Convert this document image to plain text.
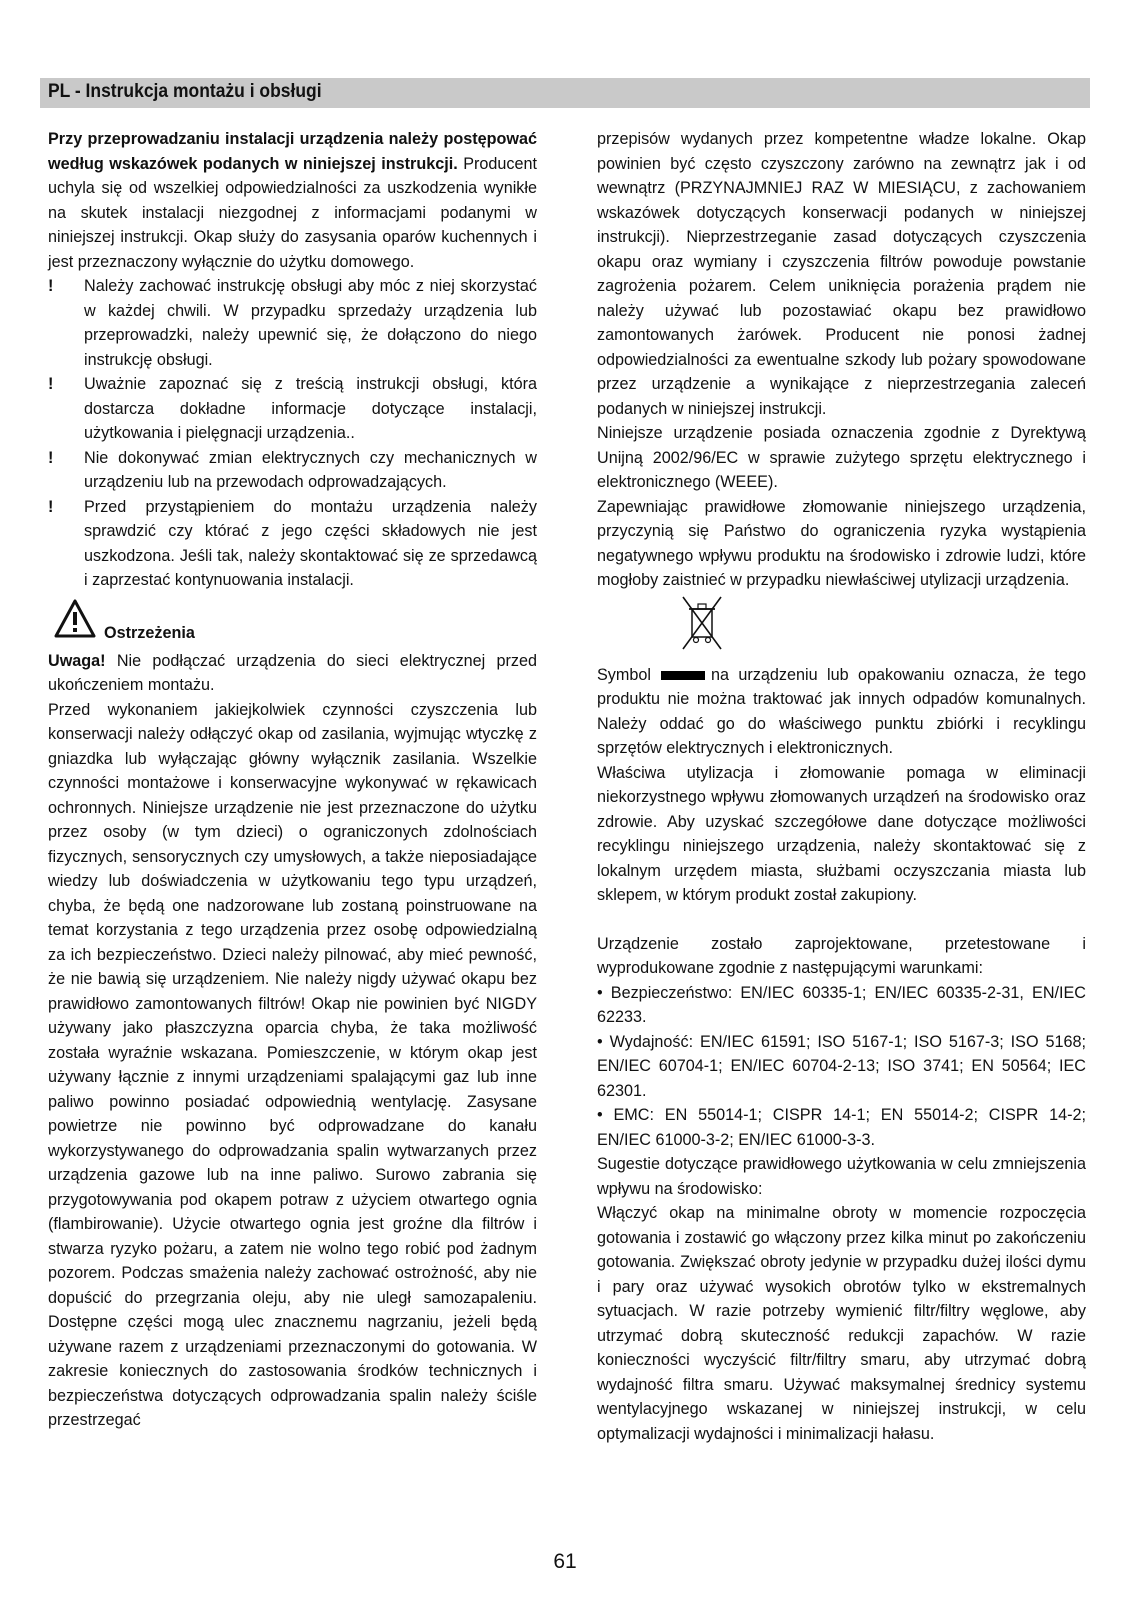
PL - Instrukcja montażu i obsługi

Przy przeprowadzaniu instalacji urządzenia należy postępować według wskazówek podanych w niniejszej instrukcji. Producent uchyla się od wszelkiej odpowiedzialności za uszkodzenia wynikłe na skutek instalacji niezgodnej z informacjami podanymi w niniejszej instrukcji. Okap służy do zasysania oparów kuchennych i jest przeznaczony wyłącznie do użytku domowego.

! Należy zachować instrukcję obsługi aby móc z niej skorzystać w każdej chwili. W przypadku sprzedaży urządzenia lub przeprowadzki, należy upewnić się, że dołączono do niego instrukcję obsługi.

! Uważnie zapoznać się z treścią instrukcji obsługi, która dostarcza dokładne informacje dotyczące instalacji, użytkowania i pielęgnacji urządzenia..

! Nie dokonywać zmian elektrycznych czy mechanicznych w urządzeniu lub na przewodach odprowadzających.

! Przed przystąpieniem do montażu urządzenia należy sprawdzić czy którać z jego części składowych nie jest uszkodzona. Jeśli tak, należy skontaktować się ze sprzedawcą i zaprzestać kontynuowania instalacji.

Ostrzeżenia

Uwaga! Nie podłączać urządzenia do sieci elektrycznej przed ukończeniem montażu.

Przed wykonaniem jakiejkolwiek czynności czyszczenia lub konserwacji należy odłączyć okap od zasilania, wyjmując wtyczkę z gniazdka lub wyłączając główny wyłącznik zasilania. Wszelkie czynności montażowe i konserwacyjne wykonywać w rękawicach ochronnych. Niniejsze urządzenie nie jest przeznaczone do użytku przez osoby (w tym dzieci) o ograniczonych zdolnościach fizycznych, sensorycznych czy umysłowych, a także nieposiadające wiedzy lub doświadczenia w użytkowaniu tego typu urządzeń, chyba, że będą one nadzorowane lub zostaną poinstruowane na temat korzystania z tego urządzenia przez osobę odpowiedzialną za ich bezpieczeństwo. Dzieci należy pilnować, aby mieć pewność, że nie bawią się urządzeniem. Nie należy nigdy używać okapu bez prawidłowo zamontowanych filtrów! Okap nie powinien być NIGDY używany jako płaszczyzna oparcia chyba, że taka możliwość została wyraźnie wskazana. Pomieszczenie, w którym okap jest używany łącznie z innymi urządzeniami spalającymi gaz lub inne paliwo powinno posiadać odpowiednią wentylację. Zasysane powietrze nie powinno być odprowadzane do kanału wykorzystywanego do odprowadzania spalin wytwarzanych przez urządzenia gazowe lub na inne paliwo. Surowo zabrania się przygotowywania pod okapem potraw z użyciem otwartego ognia (flambirowanie). Użycie otwartego ognia jest groźne dla filtrów i stwarza ryzyko pożaru, a zatem nie wolno tego robić pod żadnym pozorem. Podczas smażenia należy zachować ostrożność, aby nie dopuścić do przegrzania oleju, aby nie uległ samozapaleniu. Dostępne części mogą ulec znacznemu nagrzaniu, jeżeli będą używane razem z urządzeniami przeznaczonymi do gotowania. W zakresie koniecznych do zastosowania środków technicznych i bezpieczeństwa dotyczących odprowadzania spalin należy ściśle przestrzegać

przepisów wydanych przez kompetentne władze lokalne. Okap powinien być często czyszczony zarówno na zewnątrz jak i od wewnątrz (PRZYNAJMNIEJ RAZ W MIESIĄCU, z zachowaniem wskazówek dotyczących konserwacji podanych w niniejszej instrukcji). Nieprzestrzeganie zasad dotyczących czyszczenia okapu oraz wymiany i czyszczenia filtrów powoduje powstanie zagrożenia pożarem. Celem uniknięcia porażenia prądem nie należy używać lub pozostawiać okapu bez prawidłowo zamontowanych żarówek. Producent nie ponosi żadnej odpowiedzialności za ewentualne szkody lub pożary spowodowane przez urządzenie a wynikające z nieprzestrzegania zaleceń podanych w niniejszej instrukcji.

Niniejsze urządzenie posiada oznaczenia zgodnie z Dyrektywą Unijną 2002/96/EC w sprawie zużytego sprzętu elektrycznego i elektronicznego (WEEE).

Zapewniając prawidłowe złomowanie niniejszego urządzenia, przyczynią się Państwo do ograniczenia ryzyka wystąpienia negatywnego wpływu produktu na środowisko i zdrowie ludzi, które mogłoby zaistnieć w przypadku niewłaściwej utylizacji urządzenia.

Symbol	na urządzeniu lub opakowaniu oznacza, że tego produktu nie można traktować jak innych odpadów komunalnych. Należy oddać go do właściwego punktu zbiórki i recyklingu sprzętów elektrycznych i elektronicznych.

Właściwa utylizacja i złomowanie pomaga w eliminacji niekorzystnego wpływu złomowanych urządzeń na środowisko oraz zdrowie. Aby uzyskać szczegółowe dane dotyczące możliwości recyklingu niniejszego urządzenia, należy skontaktować się z lokalnym urzędem miasta, służbami oczyszczania miasta lub sklepem, w którym produkt został zakupiony.

Urządzenie zostało zaprojektowane, przetestowane i wyprodukowane zgodnie z następującymi warunkami:

• Bezpieczeństwo: EN/IEC 60335-1; EN/IEC 60335-2-31, EN/IEC 62233.

• Wydajność: EN/IEC 61591; ISO 5167-1; ISO 5167-3; ISO 5168; EN/IEC 60704-1; EN/IEC 60704-2-13; ISO 3741; EN 50564; IEC 62301.

• EMC: EN 55014-1; CISPR 14-1; EN 55014-2; CISPR 14-2; EN/IEC 61000-3-2; EN/IEC 61000-3-3.

Sugestie dotyczące prawidłowego użytkowania w celu zmniejszenia wpływu na środowisko:

Włączyć okap na minimalne obroty w momencie rozpoczęcia gotowania i zostawić go włączony przez kilka minut po zakończeniu gotowania. Zwiększać obroty jedynie w przypadku dużej ilości dymu i pary oraz używać wysokich obrotów tylko w ekstremalnych sytuacjach. W razie potrzeby wymienić filtr/filtry węglowe, aby utrzymać dobrą skuteczność redukcji zapachów. W razie konieczności wyczyścić filtr/filtry smaru, aby utrzymać dobrą wydajność filtra smaru. Używać maksymalnej średnicy systemu wentylacyjnego wskazanej w niniejszej instrukcji, w celu optymalizacji wydajności i minimalizacji hałasu.

61
